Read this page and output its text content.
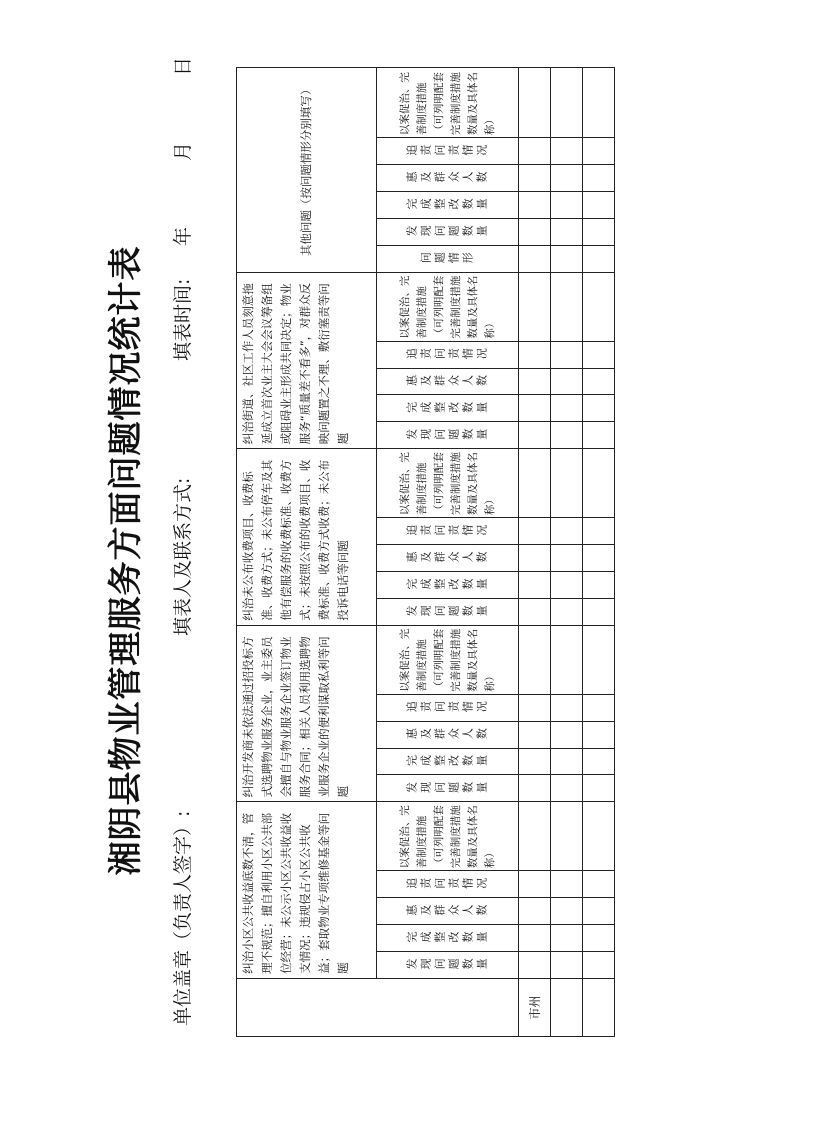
湘阴县物业管理服务方面问题情况统计表
单位盖章（负责人签字）:
填表人及联系方式:
填表时间:
年
月
日
	纠治小区公共收益底数不清，管理不规范；擅自利用小区公共部位经营；未公示小区公共收益收支情况；违规侵占小区公共收益；套取物业专项维修基金等问题					纠治开发商未依法通过招投标方式选聘物业服务企业，业主委员会擅自与物业服务企业签订物业服务合同；相关人员利用选聘物业服务企业的便利谋取私利等问题					纠治未公布收费项目、收费标准、收费方式；未公布停车及其他有偿服务的收费标准、收费方式；未按照公布的收费项目、收费标准、收费方式收费；未公布投诉电话等问题					纠治街道、社区工作人员刻意拖延成立首次业主大会会议筹备组或阻碍业主形成共同决定；物业服务“质量差不看多”，对群众反映问题置之不理、敷衍塞责等问题					其他问题（按问题情形分别填写）					

	发现问题数量	完成整改数量	惠及群众人数	追责问责情况	以案促治、完善制度措施（可列明配套完善制度措施数量及具体名称）	发现问题数量	完成整改数量	惠及群众人数	追责问责情况	以案促治、完善制度措施（可列明配套完善制度措施数量及具体名称）	发现问题数量	完成整改数量	惠及群众人数	追责问责情况	以案促治、完善制度措施（可列明配套完善制度措施数量及具体名称）	发现问题数量	完成整改数量	惠及群众人数	追责问责情况	以案促治、完善制度措施（可列明配套完善制度措施数量及具体名称）	问题情形	发现问题数量	完成整改数量	惠及群众人数	追责问责情况	以案促治、完善制度措施（可列明配套完善制度措施数量及具体名称）
市州																										
